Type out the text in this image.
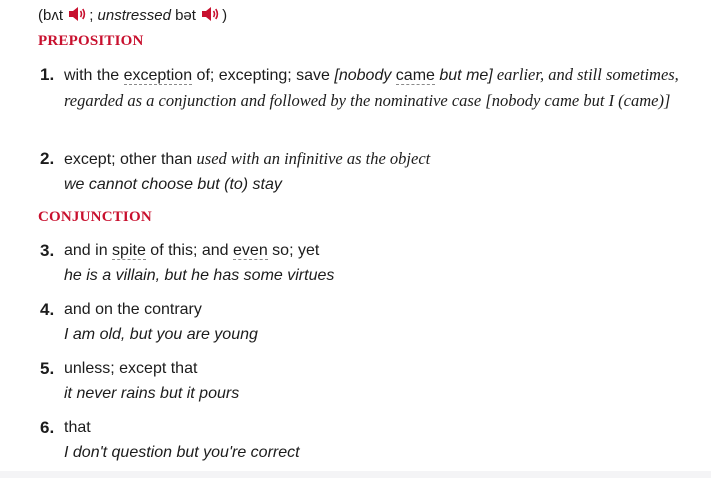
(bʌt ; unstressed bət )
PREPOSITION
1. with the exception of; excepting; save [nobody came but me] earlier, and still sometimes, regarded as a conjunction and followed by the nominative case [nobody came but I (came)]
2. except; other than used with an infinitive as the object
we cannot choose but (to) stay
CONJUNCTION
3. and in spite of this; and even so; yet
he is a villain, but he has some virtues
4. and on the contrary
I am old, but you are young
5. unless; except that
it never rains but it pours
6. that
I don't question but you're correct
